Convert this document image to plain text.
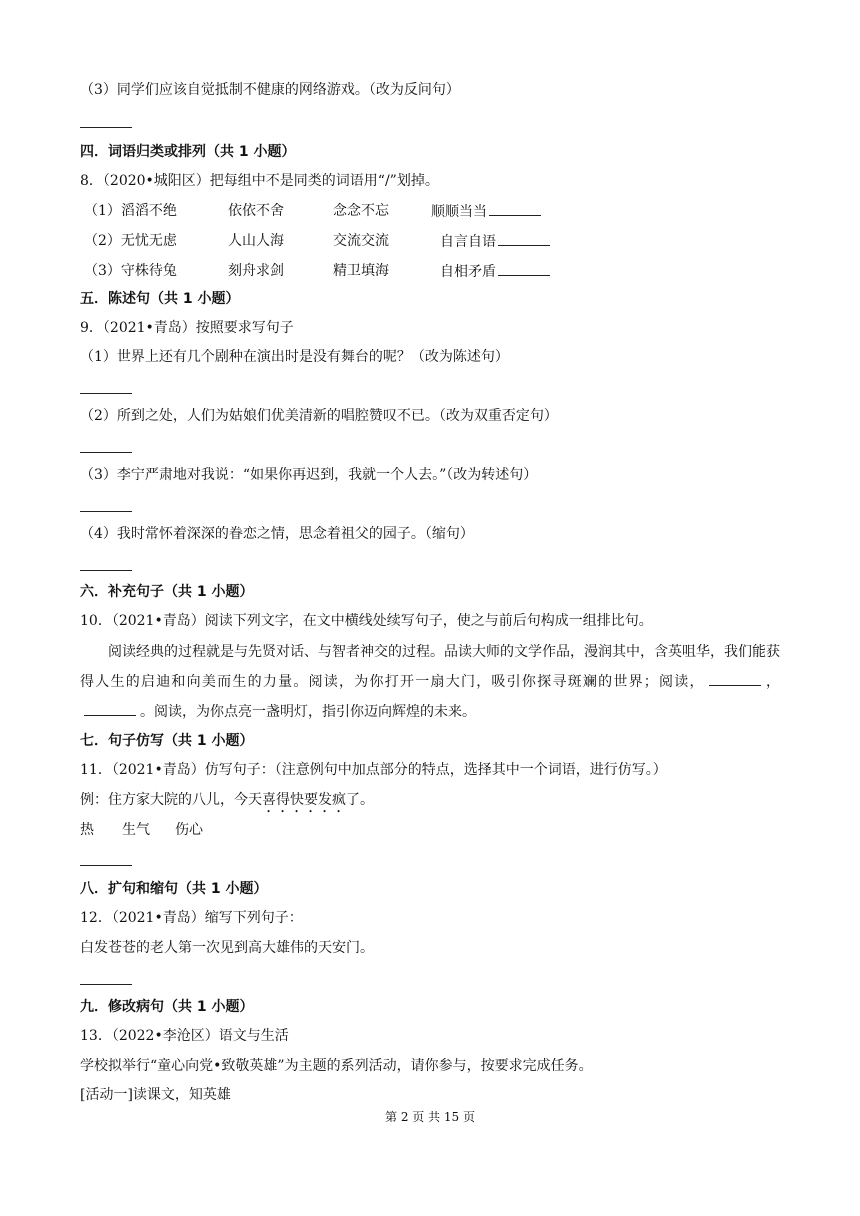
（3）同学们应该自觉抵制不健康的网络游戏。（改为反问句）
四．词语归类或排列（共 1 小题）
8．（2020•城阳区）把每组中不是同类的词语用“/”划掉。
（1）滔滔不绝	依依不舍	念念不忘	顺顺当当
（2）无忧无虑	人山人海	交流交流	自言自语
（3）守株待兔	刻舟求剑	精卫填海	自相矛盾
五．陈述句（共 1 小题）
9．（2021•青岛）按照要求写句子
（1）世界上还有几个剧种在演出时是没有舞台的呢？（改为陈述句）
（2）所到之处，人们为姑娘们优美清新的唱腔赞叹不已。（改为双重否定句）
（3）李宁严肃地对我说：“如果你再迟到，我就一个人去。”（改为转述句）
（4）我时常怀着深深的眷恋之情，思念着祖父的园子。（缩句）
六．补充句子（共 1 小题）
10．（2021•青岛）阅读下列文字，在文中横线处续写句子，使之与前后句构成一组排比句。
阅读经典的过程就是与先贤对话、与智者神交的过程。品读大师的文学作品，漫润其中，含英咀华，我们能获得人生的启迪和向美而生的力量。阅读，为你打开一扇大门，吸引你探寻斑斓的世界；阅读，	，。阅读，为你点亮一盏明灯，指引你迈向辉煌的未来。
七．句子仿写（共 1 小题）
11．（2021•青岛）仿写句子：（注意例句中加点部分的特点，选择其中一个词语，进行仿写。）
例：住方家大院的八儿，今天喜得快要发疯了。
热 生气 伤心
八．扩句和缩句（共 1 小题）
12．（2021•青岛）缩写下列句子：
白发苍苍的老人第一次见到高大雄伟的天安门。
九．修改病句（共 1 小题）
13．（2022•李沧区）语文与生活
学校拟举行“童心向党•致敬英雄”为主题的系列活动，请你参与，按要求完成任务。
[活动一]读课文，知英雄
第 2 页 共 15 页
